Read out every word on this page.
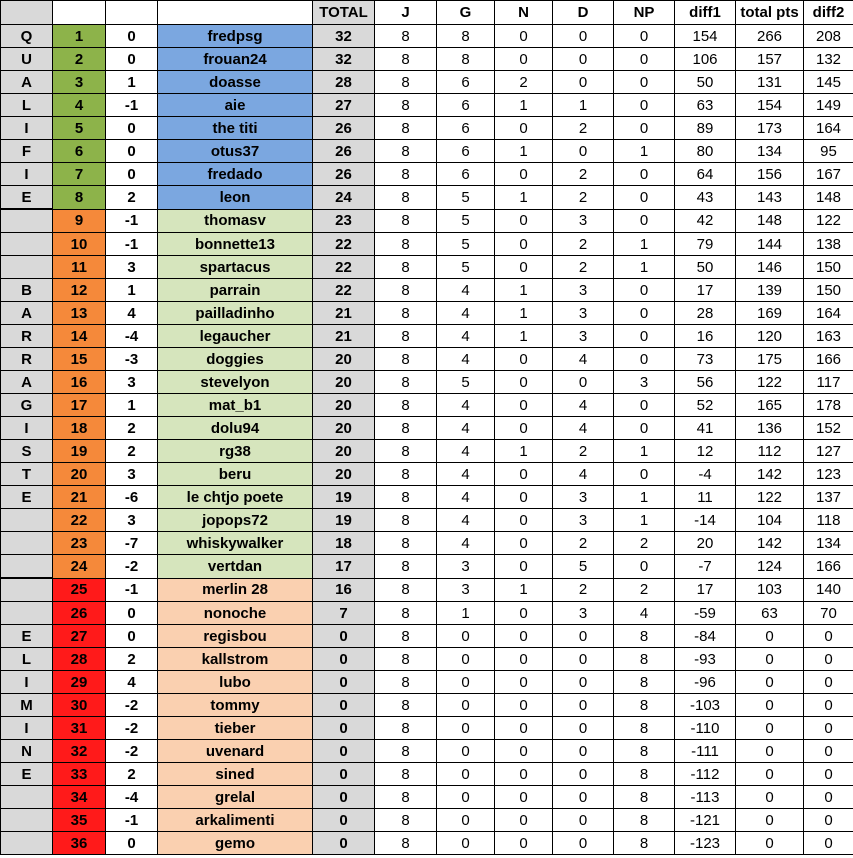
				TOTAL	J	G	N	D	NP	diff1	total pts	diff2
Q	1	0	fredpsg	32	8	8	0	0	0	154	266	208
U	2	0	frouan24	32	8	8	0	0	0	106	157	132
A	3	1	doasse	28	8	6	2	0	0	50	131	145
L	4	-1	aie	27	8	6	1	1	0	63	154	149
I	5	0	the titi	26	8	6	0	2	0	89	173	164
F	6	0	otus37	26	8	6	1	0	1	80	134	95
I	7	0	fredado	26	8	6	0	2	0	64	156	167
E	8	2	leon	24	8	5	1	2	0	43	143	148
	9	-1	thomasv	23	8	5	0	3	0	42	148	122
	10	-1	bonnette13	22	8	5	0	2	1	79	144	138
	11	3	spartacus	22	8	5	0	2	1	50	146	150
B	12	1	parrain	22	8	4	1	3	0	17	139	150
A	13	4	pailladinho	21	8	4	1	3	0	28	169	164
R	14	-4	legaucher	21	8	4	1	3	0	16	120	163
R	15	-3	doggies	20	8	4	0	4	0	73	175	166
A	16	3	stevelyon	20	8	5	0	0	3	56	122	117
G	17	1	mat_b1	20	8	4	0	4	0	52	165	178
I	18	2	dolu94	20	8	4	0	4	0	41	136	152
S	19	2	rg38	20	8	4	1	2	1	12	112	127
T	20	3	beru	20	8	4	0	4	0	-4	142	123
E	21	-6	le chtjo poete	19	8	4	0	3	1	11	122	137
	22	3	jopops72	19	8	4	0	3	1	-14	104	118
	23	-7	whiskywalker	18	8	4	0	2	2	20	142	134
	24	-2	vertdan	17	8	3	0	5	0	-7	124	166
	25	-1	merlin 28	16	8	3	1	2	2	17	103	140
	26	0	nonoche	7	8	1	0	3	4	-59	63	70
E	27	0	regisbou	0	8	0	0	0	8	-84	0	0
L	28	2	kallstrom	0	8	0	0	0	8	-93	0	0
I	29	4	lubo	0	8	0	0	0	8	-96	0	0
M	30	-2	tommy	0	8	0	0	0	8	-103	0	0
I	31	-2	tieber	0	8	0	0	0	8	-110	0	0
N	32	-2	uvenard	0	8	0	0	0	8	-111	0	0
E	33	2	sined	0	8	0	0	0	8	-112	0	0
	34	-4	grelal	0	8	0	0	0	8	-113	0	0
	35	-1	arkalimenti	0	8	0	0	0	8	-121	0	0
	36	0	gemo	0	8	0	0	0	8	-123	0	0
